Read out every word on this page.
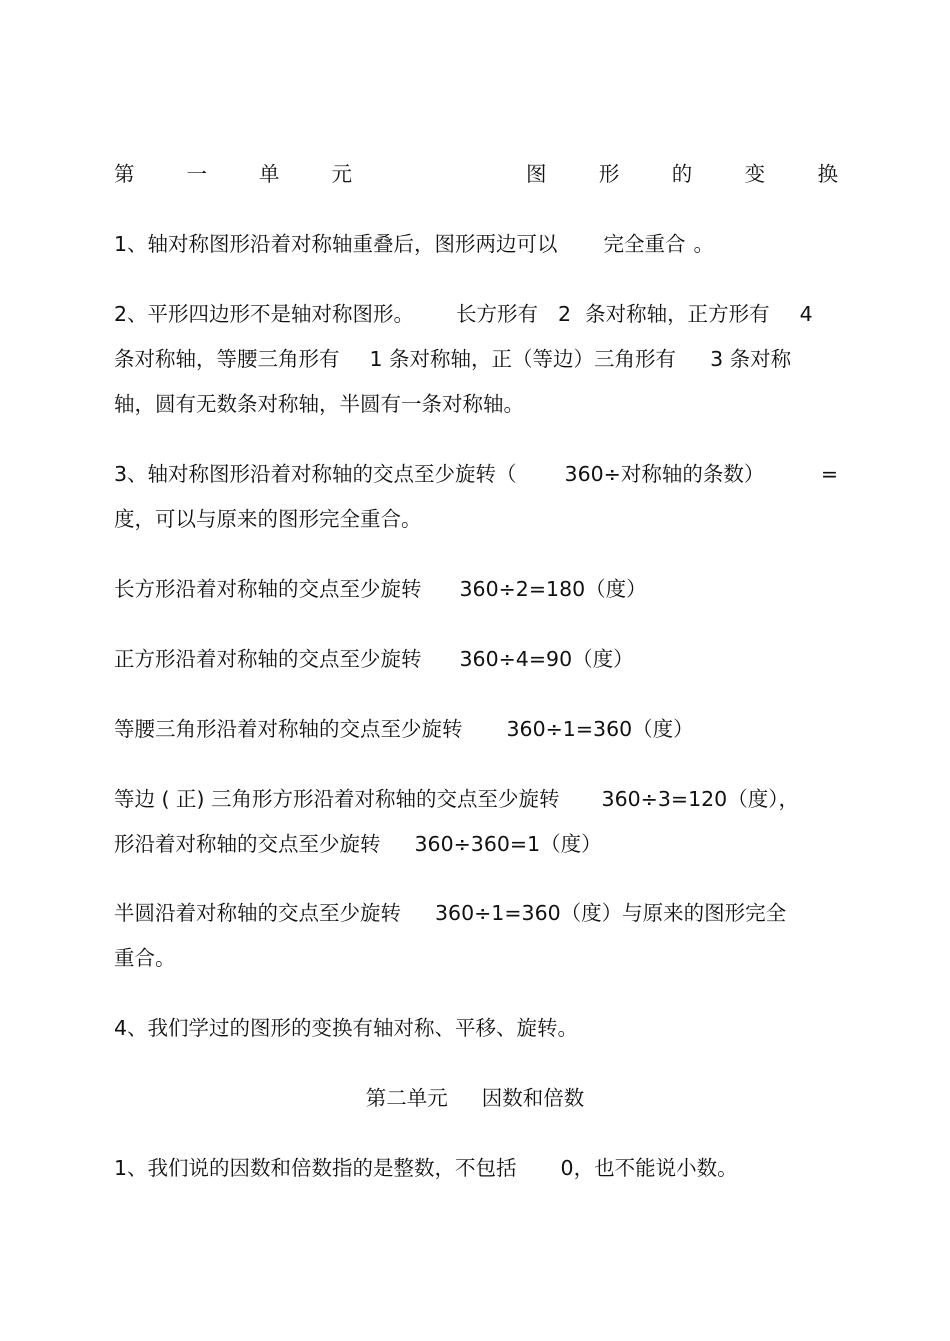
第	一	单	元	图	形	的	变	换
1、轴对称图形沿着对称轴重叠后，图形两边可以 完全重合 。
2、平形四边形不是轴对称图形。 长方形有 2 条对称轴，正方形有 4
条对称轴，等腰三角形有 1 条对称轴，正（等边）三角形有 3 条对称
轴，圆有无数条对称轴，半圆有一条对称轴。
3、轴对称图形沿着对称轴的交点至少旋转（ 360÷对称轴的条数）	=
度，可以与原来的图形完全重合。
长方形沿着对称轴的交点至少旋转 360÷2=180（度）
正方形沿着对称轴的交点至少旋转 360÷4=90（度）
等腰三角形沿着对称轴的交点至少旋转 360÷1=360（度）
等边 ( 正) 三角形方形沿着对称轴的交点至少旋转 360÷3=120（度），
形沿着对称轴的交点至少旋转 360÷360=1（度）
半圆沿着对称轴的交点至少旋转 360÷1=360（度）与原来的图形完全
重合。
4、我们学过的图形的变换有轴对称、平移、旋转。
第二单元 因数和倍数
1、我们说的因数和倍数指的是整数，不包括 0，也不能说小数。
